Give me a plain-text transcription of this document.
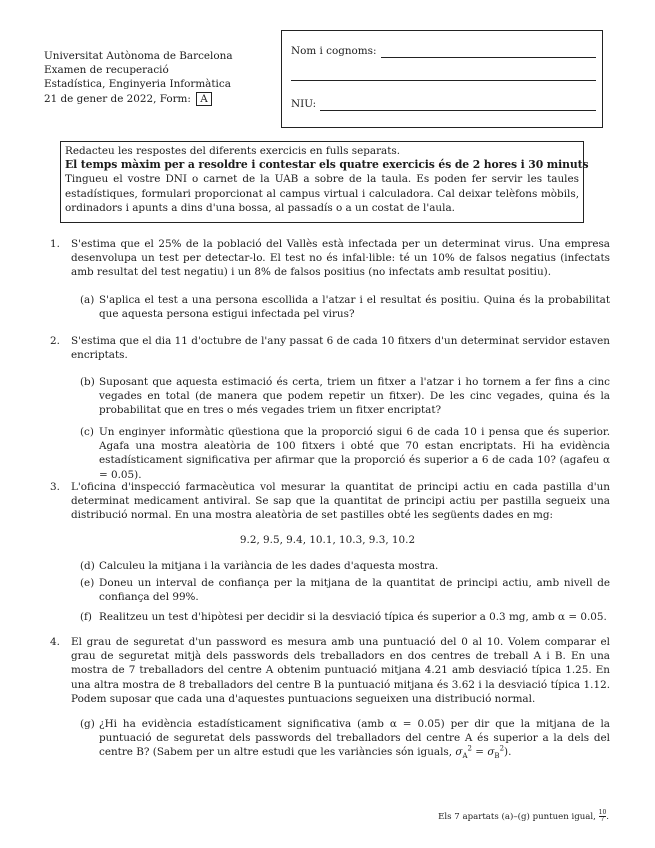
Universitat Autònoma de Barcelona
Examen de recuperació
Estadística, Enginyeria Informàtica
21 de gener de 2022, Form: A
Nom i cognoms:
NIU:

Redacteu les respostes del diferents exercicis en fulls separats.

El temps màxim per a resoldre i contestar els quatre exercicis és de 2 hores i 30 minuts

Tingueu el vostre DNI o carnet de la UAB a sobre de la taula. Es poden fer servir les taules estadístiques, formulari proporcionat al campus virtual i calculadora. Cal deixar telèfons mòbils, ordinadors i apunts a dins d'una bossa, al passadís o a un costat de l'aula.

1. S'estima que el 25% de la població del Vallès està infectada per un determinat virus. Una empresa desenvolupa un test per detectar-lo. El test no és infal·lible: té un 10% de falsos negatius (infectats amb resultat del test negatiu) i un 8% de falsos positius (no infectats amb resultat positiu).
(a) S'aplica el test a una persona escollida a l'atzar i el resultat és positiu. Quina és la probabilitat que aquesta persona estigui infectada pel virus?
2. S'estima que el dia 11 d'octubre de l'any passat 6 de cada 10 fitxers d'un determinat servidor estaven encriptats.
(b) Suposant que aquesta estimació és certa, triem un fitxer a l'atzar i ho tornem a fer fins a cinc vegades en total (de manera que podem repetir un fitxer). De les cinc vegades, quina és la probabilitat que en tres o més vegades triem un fitxer encriptat?
(c) Un enginyer informàtic qüestiona que la proporció sigui 6 de cada 10 i pensa que és superior. Agafa una mostra aleatòria de 100 fitxers i obté que 70 estan encriptats. Hi ha evidència estadísticament significativa per afirmar que la proporció és superior a 6 de cada 10? (agafeu α = 0.05).
3. L'oficina d'inspecció farmacèutica vol mesurar la quantitat de principi actiu en cada pastilla d'un determinat medicament antiviral. Se sap que la quantitat de principi actiu per pastilla segueix una distribució normal. En una mostra aleatòria de set pastilles obté les següents dades en mg:
9.2, 9.5, 9.4, 10.1, 10.3, 9.3, 10.2
(d) Calculeu la mitjana i la variància de les dades d'aquesta mostra.
(e) Doneu un interval de confiança per la mitjana de la quantitat de principi actiu, amb nivell de confiança del 99%.
(f) Realitzeu un test d'hipòtesi per decidir si la desviació típica és superior a 0.3 mg, amb α = 0.05.
4. El grau de seguretat d'un password es mesura amb una puntuació del 0 al 10. Volem comparar el grau de seguretat mitjà dels passwords dels treballadors en dos centres de treball A i B. En una mostra de 7 treballadors del centre A obtenim puntuació mitjana 4.21 amb desviació típica 1.25. En una altra mostra de 8 treballadors del centre B la puntuació mitjana és 3.62 i la desviació típica 1.12. Podem suposar que cada una d'aquestes puntuacions segueixen una distribució normal.
(g) ¿Hi ha evidència estadísticament significativa (amb α = 0.05) per dir que la mitjana de la puntuació de seguretat dels passwords del treballadors del centre A és superior a la dels del centre B? (Sabem per un altre estudi que les variàncies són iguals, $\sigma_A^2 = \sigma_B^2$).
Els 7 apartats (a)–(g) puntuen igual, $\frac{10}{7}$ .
